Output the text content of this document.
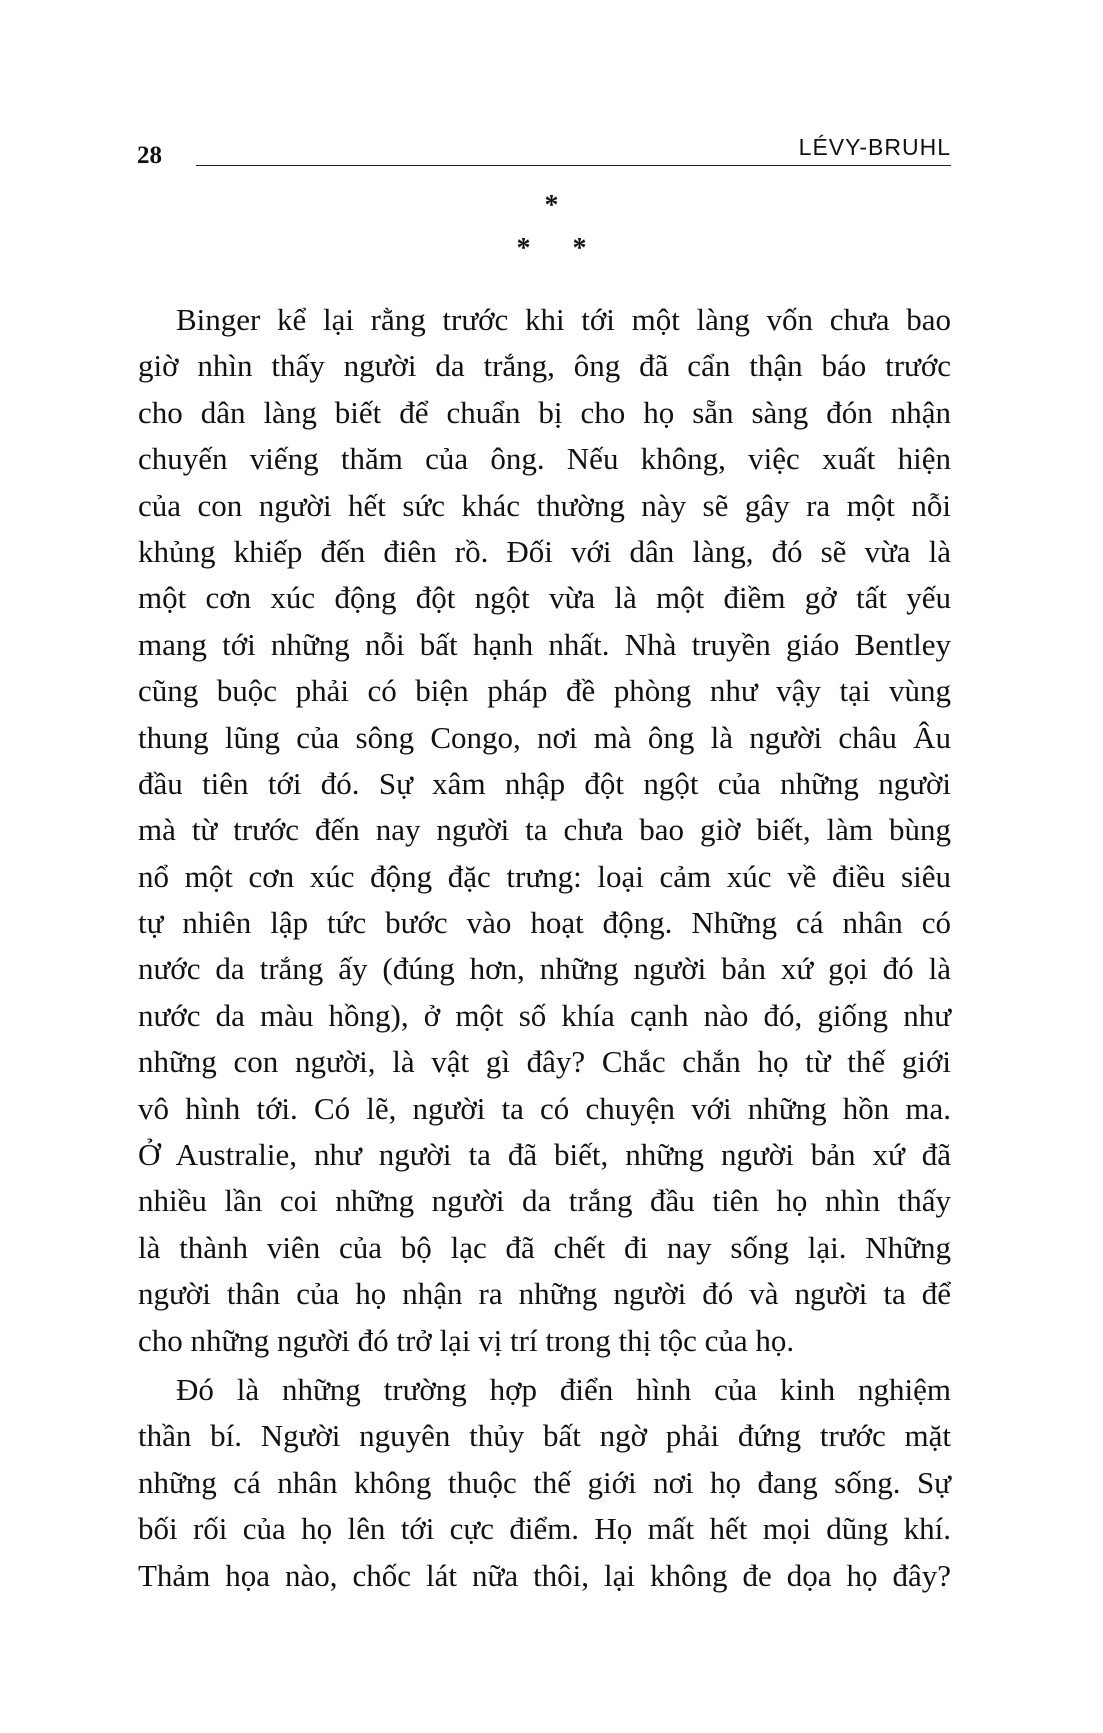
28	LÉVY-BRUHL
*
* *
Binger kể lại rằng trước khi tới một làng vốn chưa bao
giờ nhìn thấy người da trắng, ông đã cẩn thận báo trước
cho dân làng biết để chuẩn bị cho họ sẵn sàng đón nhận
chuyến viếng thăm của ông. Nếu không, việc xuất hiện
của con người hết sức khác thường này sẽ gây ra một nỗi
khủng khiếp đến điên rồ. Đối với dân làng, đó sẽ vừa là
một cơn xúc động đột ngột vừa là một điềm gở tất yếu
mang tới những nỗi bất hạnh nhất. Nhà truyền giáo Bentley
cũng buộc phải có biện pháp đề phòng như vậy tại vùng
thung lũng của sông Congo, nơi mà ông là người châu Âu
đầu tiên tới đó. Sự xâm nhập đột ngột của những người
mà từ trước đến nay người ta chưa bao giờ biết, làm bùng
nổ một cơn xúc động đặc trưng: loại cảm xúc về điều siêu
tự nhiên lập tức bước vào hoạt động. Những cá nhân có
nước da trắng ấy (đúng hơn, những người bản xứ gọi đó là
nước da màu hồng), ở một số khía cạnh nào đó, giống như
những con người, là vật gì đây? Chắc chắn họ từ thế giới
vô hình tới. Có lẽ, người ta có chuyện với những hồn ma.
Ở Australie, như người ta đã biết, những người bản xứ đã
nhiều lần coi những người da trắng đầu tiên họ nhìn thấy
là thành viên của bộ lạc đã chết đi nay sống lại. Những
người thân của họ nhận ra những người đó và người ta để
cho những người đó trở lại vị trí trong thị tộc của họ.
Đó là những trường hợp điển hình của kinh nghiệm
thần bí. Người nguyên thủy bất ngờ phải đứng trước mặt
những cá nhân không thuộc thế giới nơi họ đang sống. Sự
bối rối của họ lên tới cực điểm. Họ mất hết mọi dũng khí.
Thảm họa nào, chốc lát nữa thôi, lại không đe dọa họ đây?
